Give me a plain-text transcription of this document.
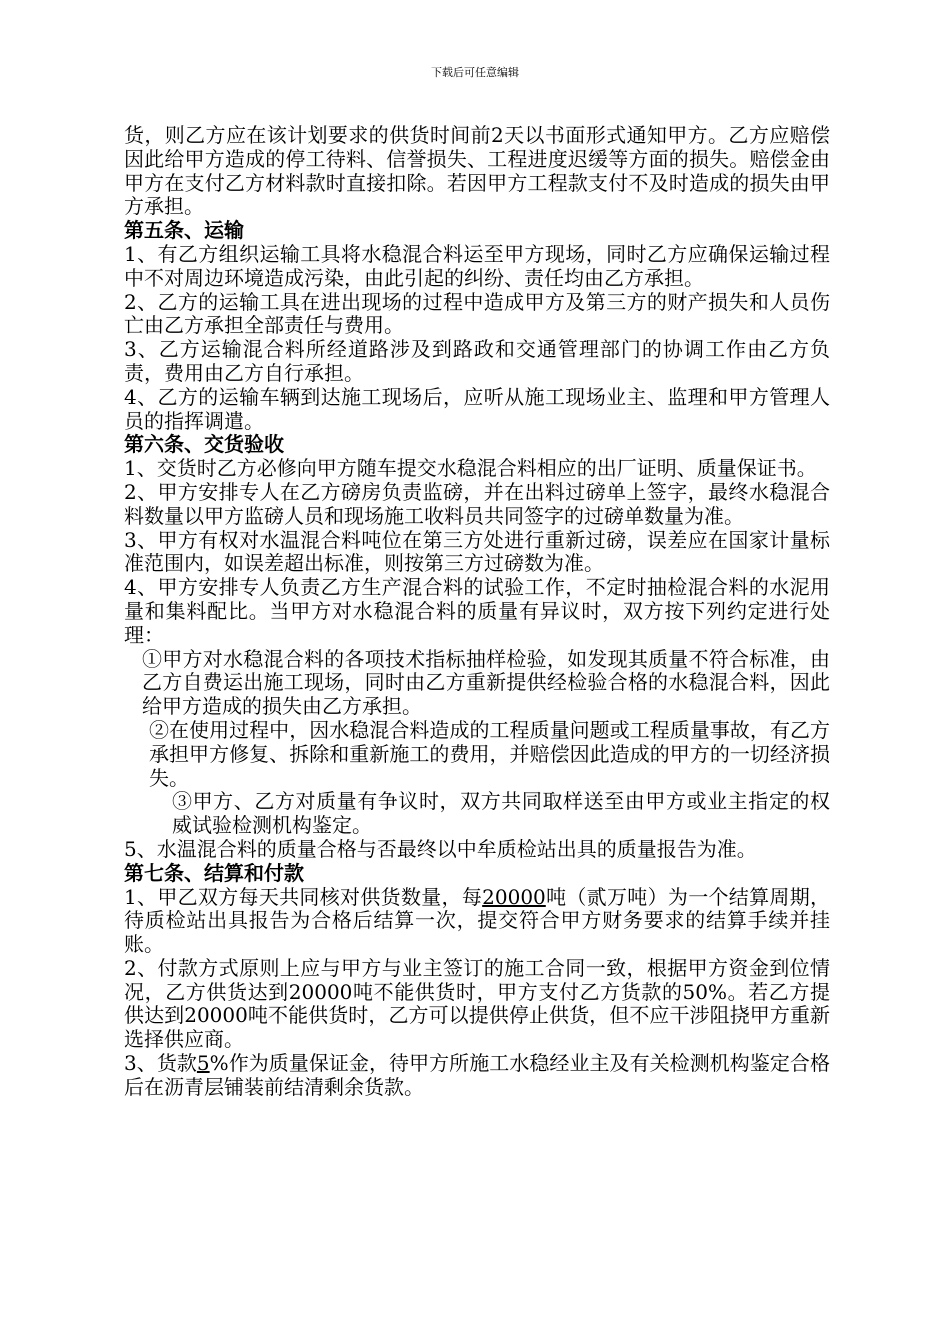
下载后可任意编辑

货，则乙方应在该计划要求的供货时间前2天以书面形式通知甲方。乙方应赔偿因此给甲方造成的停工待料、信誉损失、工程进度迟缓等方面的损失。赔偿金由甲方在支付乙方材料款时直接扣除。若因甲方工程款支付不及时造成的损失由甲方承担。

第五条、运输

1、有乙方组织运输工具将水稳混合料运至甲方现场，同时乙方应确保运输过程中不对周边环境造成污染，由此引起的纠纷、责任均由乙方承担。

2、乙方的运输工具在进出现场的过程中造成甲方及第三方的财产损失和人员伤亡由乙方承担全部责任与费用。

3、乙方运输混合料所经道路涉及到路政和交通管理部门的协调工作由乙方负责，费用由乙方自行承担。

4、乙方的运输车辆到达施工现场后，应听从施工现场业主、监理和甲方管理人员的指挥调遣。

第六条、交货验收

1、交货时乙方必修向甲方随车提交水稳混合料相应的出厂证明、质量保证书。

2、甲方安排专人在乙方磅房负责监磅，并在出料过磅单上签字，最终水稳混合料数量以甲方监磅人员和现场施工收料员共同签字的过磅单数量为准。

3、甲方有权对水温混合料吨位在第三方处进行重新过磅，误差应在国家计量标准范围内，如误差超出标准，则按第三方过磅数为准。

4、甲方安排专人负责乙方生产混合料的试验工作，不定时抽检混合料的水泥用量和集料配比。当甲方对水稳混合料的质量有异议时，双方按下列约定进行处理：

①甲方对水稳混合料的各项技术指标抽样检验，如发现其质量不符合标准，由乙方自费运出施工现场，同时由乙方重新提供经检验合格的水稳混合料，因此给甲方造成的损失由乙方承担。

②在使用过程中，因水稳混合料造成的工程质量问题或工程质量事故，有乙方承担甲方修复、拆除和重新施工的费用，并赔偿因此造成的甲方的一切经济损失。

③甲方、乙方对质量有争议时，双方共同取样送至由甲方或业主指定的权威试验检测机构鉴定。

5、水温混合料的质量合格与否最终以中牟质检站出具的质量报告为准。

第七条、结算和付款

1、甲乙双方每天共同核对供货数量，每20000吨（贰万吨）为一个结算周期，待质检站出具报告为合格后结算一次，提交符合甲方财务要求的结算手续并挂账。

2、付款方式原则上应与甲方与业主签订的施工合同一致，根据甲方资金到位情况，乙方供货达到20000吨不能供货时，甲方支付乙方货款的50%。若乙方提供达到20000吨不能供货时，乙方可以提供停止供货，但不应干涉阻挠甲方重新选择供应商。

3、货款5%作为质量保证金，待甲方所施工水稳经业主及有关检测机构鉴定合格后在沥青层铺装前结清剩余货款。
